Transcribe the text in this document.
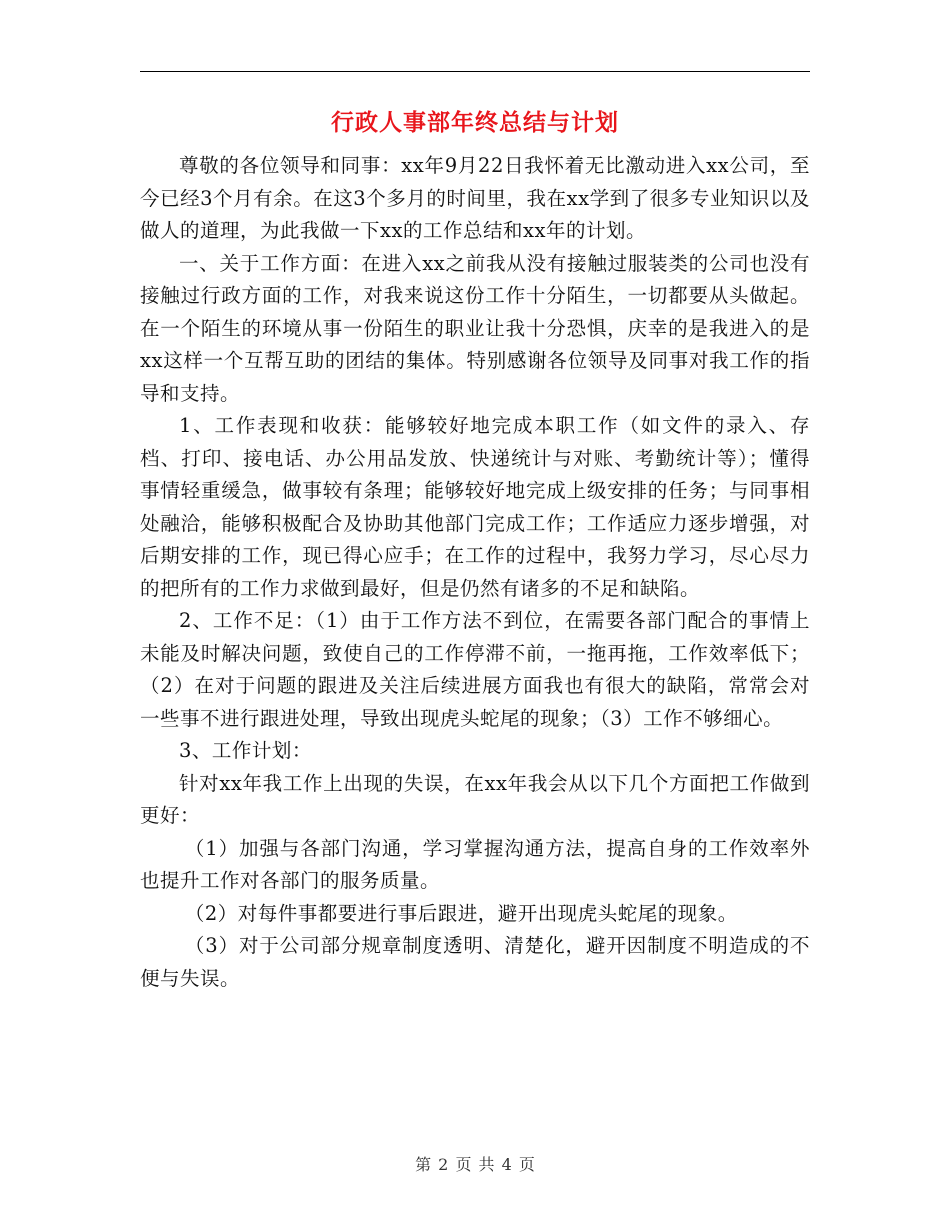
行政人事部年终总结与计划

尊敬的各位领导和同事：xx年9月22日我怀着无比激动进入xx公司，至今已经3个月有余。在这3个多月的时间里，我在xx学到了很多专业知识以及做人的道理，为此我做一下xx的工作总结和xx年的计划。

一、关于工作方面：在进入xx之前我从没有接触过服装类的公司也没有接触过行政方面的工作，对我来说这份工作十分陌生，一切都要从头做起。在一个陌生的环境从事一份陌生的职业让我十分恐惧，庆幸的是我进入的是xx这样一个互帮互助的团结的集体。特别感谢各位领导及同事对我工作的指导和支持。

1、工作表现和收获：能够较好地完成本职工作（如文件的录入、存档、打印、接电话、办公用品发放、快递统计与对账、考勤统计等）；懂得事情轻重缓急，做事较有条理；能够较好地完成上级安排的任务；与同事相处融洽，能够积极配合及协助其他部门完成工作；工作适应力逐步增强，对后期安排的工作，现已得心应手；在工作的过程中，我努力学习，尽心尽力的把所有的工作力求做到最好，但是仍然有诸多的不足和缺陷。

2、工作不足：（1）由于工作方法不到位，在需要各部门配合的事情上未能及时解决问题，致使自己的工作停滞不前，一拖再拖，工作效率低下；（2）在对于问题的跟进及关注后续进展方面我也有很大的缺陷，常常会对一些事不进行跟进处理，导致出现虎头蛇尾的现象；（3）工作不够细心。

3、工作计划：

针对xx年我工作上出现的失误，在xx年我会从以下几个方面把工作做到更好：

（1）加强与各部门沟通，学习掌握沟通方法，提高自身的工作效率外也提升工作对各部门的服务质量。

（2）对每件事都要进行事后跟进，避开出现虎头蛇尾的现象。

（3）对于公司部分规章制度透明、清楚化，避开因制度不明造成的不便与失误。

第 2 页 共 4 页
